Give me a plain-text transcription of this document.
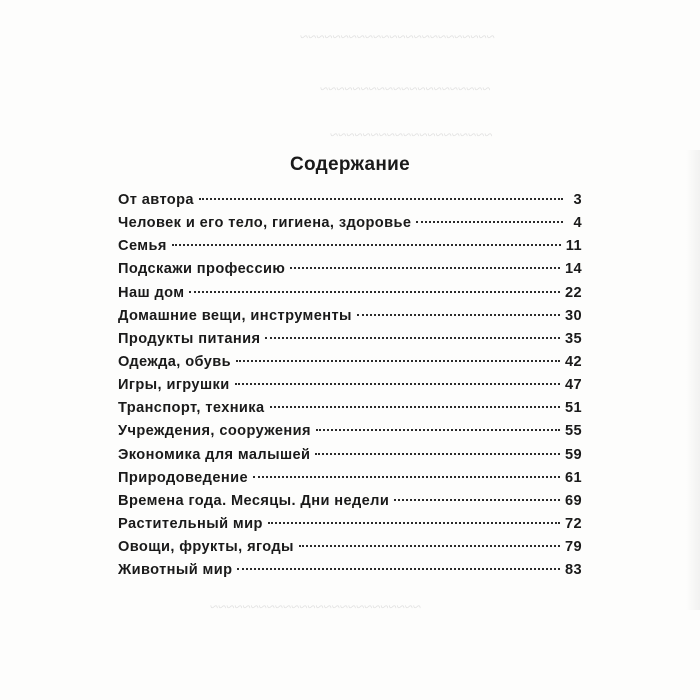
~~~~~~~~~~~~~~~~~~~~~~~~
~~~~~~~~~~~~~~~~~~~~~
~~~~~~~~~~~~~~~~~~~~
~~~~~~~~~~~~~~~~~~~~~~~~~~
Содержание
От автора	3
Человек и его тело, гигиена, здоровье	4
Семья	11
Подскажи профессию	14
Наш дом	22
Домашние вещи, инструменты	30
Продукты питания	35
Одежда, обувь	42
Игры, игрушки	47
Транспорт, техника	51
Учреждения, сооружения	55
Экономика для малышей	59
Природоведение	61
Времена года. Месяцы. Дни недели	69
Растительный мир	72
Овощи, фрукты, ягоды	79
Животный мир	83
